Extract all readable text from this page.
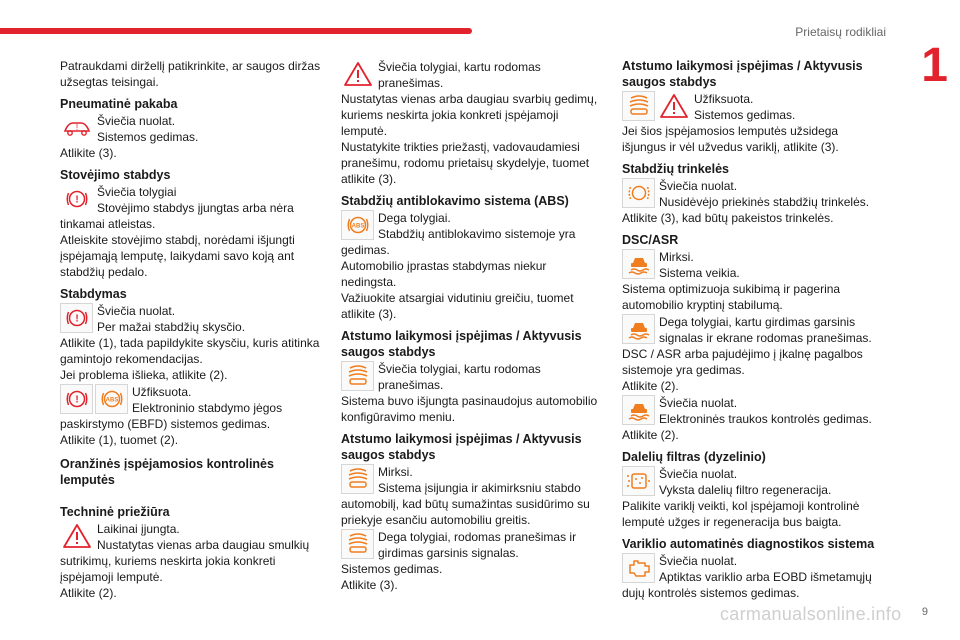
Prietaisų rodikliai
1

Patraukdami diržellį patikrinkite, ar saugos diržas užsegtas teisingai.

Pneumatinė pakaba

!	Šviečia nuolat.

Sistemos gedimas.

Atlikite (3).

Stovėjimo stabdys

!

Šviečia tolygiai

Stovėjimo stabdys įjungtas arba nėra

tinkamai atleistas.

Atleiskite stovėjimo stabdį, norėdami išjungti įspėjamąją lemputę, laikydami savo koją ant stabdžių pedalo.

Stabdymas

!

Šviečia nuolat.

Per mažai stabdžių skysčio.

Atlikite (1), tada papildykite skysčiu, kuris atitinka gamintojo rekomendacijas.

Jei problema išlieka, atlikite (2).

!	ABS

Užfiksuota.

Elektroninio stabdymo jėgos

paskirstymo (EBFD) sistemos gedimas.

Atlikite (1), tuomet (2).

Oranžinės įspėjamosios kontrolinės lemputės

Techninė priežiūra

Laikinai įjungta.

Nustatytas vienas arba daugiau smulkių

sutrikimų, kuriems neskirta jokia konkreti įspėjamoji lemputė.

Atlikite (2).

Šviečia tolygiai, kartu rodomas

pranešimas.

Nustatytas vienas arba daugiau svarbių gedimų, kuriems neskirta jokia konkreti įspėjamoji lemputė.

Nustatykite trikties priežastį, vadovaudamiesi pranešimu, rodomu prietaisų skydelyje, tuomet atlikite (3).

Stabdžių antiblokavimo sistema (ABS)

ABS

Dega tolygiai.

Stabdžių antiblokavimo sistemoje yra

gedimas.

Automobilio įprastas stabdymas niekur nedingsta.

Važiuokite atsargiai vidutiniu greičiu, tuomet atlikite (3).

Atstumo laikymosi įspėjimas / Aktyvusis saugos stabdys

Šviečia tolygiai, kartu rodomas

pranešimas.

Sistema buvo išjungta pasinaudojus automobilio konfigūravimo meniu.

Atstumo laikymosi įspėjimas / Aktyvusis saugos stabdys

Mirksi.

Sistema įsijungia ir akimirksniu stabdo

automobilį, kad būtų sumažintas susidūrimo su priekyje esančiu automobiliu greitis.

Dega tolygiai, rodomas pranešimas ir

girdimas garsinis signalas.

Sistemos gedimas.

Atlikite (3).

Atstumo laikymosi įspėjimas / Aktyvusis saugos stabdys

Užfiksuota.

Sistemos gedimas.

Jei šios įspėjamosios lemputės užsidega išjungus ir vėl užvedus variklį, atlikite (3).

Stabdžių trinkelės

Šviečia nuolat.

Nusidėvėjo priekinės stabdžių trinkelės.

Atlikite (3), kad būtų pakeistos trinkelės.

DSC/ASR

Mirksi.

Sistema veikia.

Sistema optimizuoja sukibimą ir pagerina automobilio kryptinį stabilumą.

Dega tolygiai, kartu girdimas garsinis

signalas ir ekrane rodomas pranešimas.

DSC / ASR arba pajudėjimo į įkalnę pagalbos sistemoje yra gedimas.

Atlikite (2).

Šviečia nuolat.

Elektroninės traukos kontrolės gedimas.

Atlikite (2).

Dalelių filtras (dyzelinio)

Šviečia nuolat.

Vyksta dalelių filtro regeneracija.

Palikite variklį veikti, kol įspėjamoji kontrolinė lemputė užges ir regeneracija bus baigta.

Variklio automatinės diagnostikos sistema

Šviečia nuolat.

Aptiktas variklio arba EOBD išmetamųjų

dujų kontrolės sistemos gedimas.

carmanualsonline.info 9
